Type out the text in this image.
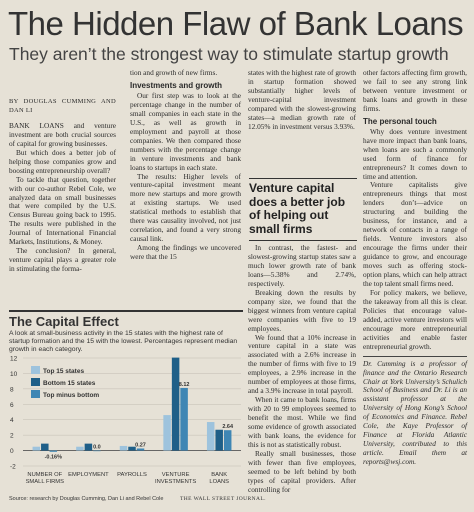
The Hidden Flaw of Bank Loans
They aren’t the strongest way to stimulate startup growth
BY DOUGLAS CUMMING AND DAN LI

BANK LOANS and venture investment are both crucial sources of capital for growing businesses.

But which does a better job of helping those companies grow and boosting entrepreneurship overall?

To tackle that question, together with our co-author Rebel Cole, we analyzed data on small businesses that were compiled by the U.S. Census Bureau going back to 1995. The results were published in the Journal of International Financial Markets, Institutions, & Money.

The conclusion? In general, venture capital plays a greater role in stimulating the forma-

tion and growth of new firms.

Investments and growth

Our first step was to look at the percentage change in the number of small companies in each state in the U.S., as well as growth in employment and payroll at those companies. We then compared those numbers with the percentage change in venture investments and bank loans to startups in each state.

The results: Higher levels of venture-capital investment meant more new startups and more growth at existing startups. We used statistical methods to establish that there was causality involved, not just correlation, and found a very strong causal link.

Among the findings we uncovered were that the 15

states with the highest rate of growth in startup formation showed substantially higher levels of venture-capital investment compared with the slowest-growing states—a median growth rate of 12.05% in investment versus 3.93%.

Venture capital does a better job of helping out small firms

In contrast, the fastest- and slowest-growing startup states saw a much lower growth rate of bank loans—5.38% and 2.74%, respectively.

Breaking down the results by company size, we found that the biggest winners from venture capital were companies with five to 19 employees.

We found that a 10% increase in venture capital in a state was associated with a 2.6% increase in the number of firms with five to 19 employees, a 2.9% increase in the number of employees at those firms, and a 3.9% increase in total payroll.

When it came to bank loans, firms with 20 to 99 employees seemed to benefit the most. While we find some evidence of growth associated with bank loans, the evidence for this is not as statistically robust.

Really small businesses, those with fewer than five employees, seemed to be left behind by both types of capital providers. After controlling for

other factors affecting firm growth, we fail to see any strong link between venture investment or bank loans and growth in these firms.

The personal touch

Why does venture investment have more impact than bank loans, when loans are such a commonly used form of finance for entrepreneurs? It comes down to time and attention.

Venture capitalists give entrepreneurs things that most lenders don’t—advice on structuring and building the business, for instance, and a network of contacts in a range of fields. Venture investors also encourage the firms under their guidance to grow, and encourage moves such as offering stock-option plans, which can help attract the top talent small firms need.

For policy makers, we believe, the takeaway from all this is clear. Policies that encourage value-added, active venture investors will encourage more entrepreneurial activities and enable faster entrepreneurial growth.

Dr. Cumming is a professor of finance and the Ontario Research Chair at York University’s Schulich School of Business and Dr. Li is an assistant professor at the University of Hong Kong’s School of Economics and Finance. Rebel Cole, the Kaye Professor of Finance at Florida Atlantic University, contributed to this article. Email them at reports@wsj.com.

The Capital Effect
A look at small-business activity in the 15 states with the highest rate of startup formation and the 15 with the lowest. Percentages represent median growth in each category.
12
10
8
6
4
2
0
-2
-0.16%
NUMBER OF
SMALL FIRMS
0.0
EMPLOYMENT
0.27
PAYROLLS
8.12
VENTURE
INVESTMENTS
2.64
BANK
LOANS
Top 15 states
Bottom 15 states
Top minus bottom
Source: research by Douglas Cumming, Dan Li and Rebel Cole	THE WALL STREET JOURNAL.
